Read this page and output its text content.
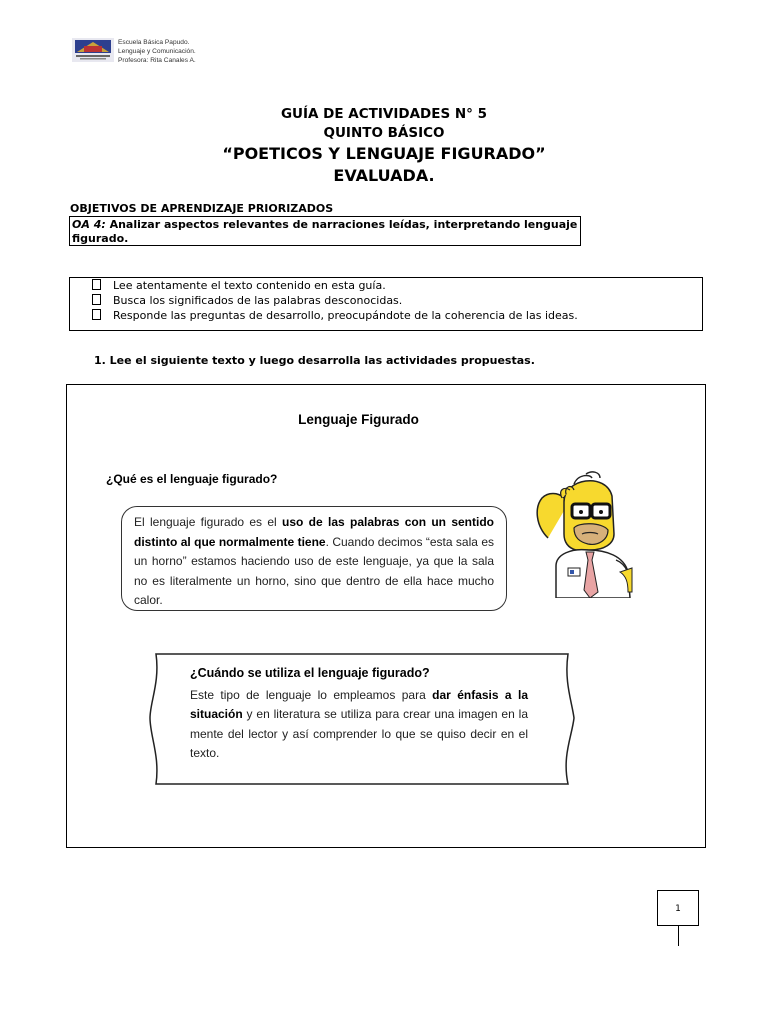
Escuela Básica Papudo.
Lenguaje y Comunicación.
Profesora: Rita Canales A.
GUÍA DE ACTIVIDADES N° 5
QUINTO BÁSICO
“POETICOS Y LENGUAJE FIGURADO”
EVALUADA.
OBJETIVOS DE APRENDIZAJE PRIORIZADOS
OA 4: Analizar aspectos relevantes de narraciones leídas, interpretando lenguaje figurado.
Lee atentamente el texto contenido en esta guía.
Busca los significados de las palabras desconocidas.
Responde las preguntas de desarrollo, preocupándote de la coherencia de las ideas.
1. Lee el siguiente texto y luego desarrolla las actividades propuestas.
Lenguaje Figurado
¿Qué es el lenguaje figurado?
El lenguaje figurado es el uso de las palabras con un sentido distinto al que normalmente tiene. Cuando decimos “esta sala es un horno” estamos haciendo uso de este lenguaje, ya que la sala no es literalmente un horno, sino que dentro de ella hace mucho calor.
¿Cuándo se utiliza el lenguaje figurado?
Este tipo de lenguaje lo empleamos para dar énfasis a la situación y en literatura se utiliza para crear una imagen en la mente del lector y así comprender lo que se quiso decir en el texto.
1
